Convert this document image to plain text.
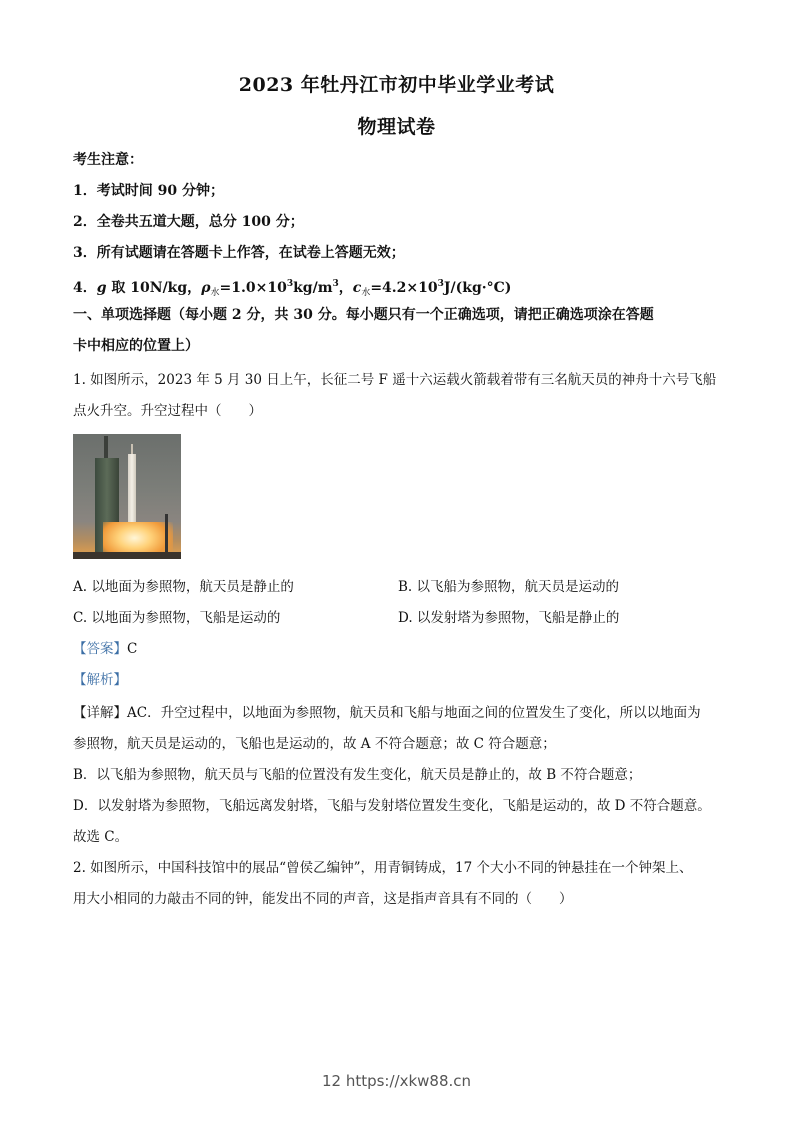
2023 年牡丹江市初中毕业学业考试
物理试卷
考生注意：
1．考试时间 90 分钟；
2．全卷共五道大题，总分 100 分；
3．所有试题请在答题卡上作答，在试卷上答题无效；
4．g 取 10N/kg，$\rho_水=1.0\times 10^3kg/m^3$，$c_水=4.2\times 10^3J/(kg\cdot^\circ C)$
一、单项选择题（每小题 2 分，共 30 分。每小题只有一个正确选项，请把正确选项涂在答题
卡中相应的位置上）
1. 如图所示，2023 年 5 月 30 日上午，长征二号 F 遥十六运载火箭载着带有三名航天员的神舟十六号飞船
点火升空。升空过程中（　　）
A. 以地面为参照物，航天员是静止的	B. 以飞船为参照物，航天员是运动的
C. 以地面为参照物，飞船是运动的	D. 以发射塔为参照物，飞船是静止的
【答案】C
【解析】
【详解】AC．升空过程中，以地面为参照物，航天员和飞船与地面之间的位置发生了变化，所以以地面为
参照物，航天员是运动的，飞船也是运动的，故 A 不符合题意；故 C 符合题意；
B．以飞船为参照物，航天员与飞船的位置没有发生变化，航天员是静止的，故 B 不符合题意；
D．以发射塔为参照物，飞船远离发射塔，飞船与发射塔位置发生变化，飞船是运动的，故 D 不符合题意。
故选 C。
2. 如图所示，中国科技馆中的展品“曾侯乙编钟”，用青铜铸成，17 个大小不同的钟悬挂在一个钟架上、
用大小相同的力敲击不同的钟，能发出不同的声音，这是指声音具有不同的（　　）
12 https://xkw88.cn
